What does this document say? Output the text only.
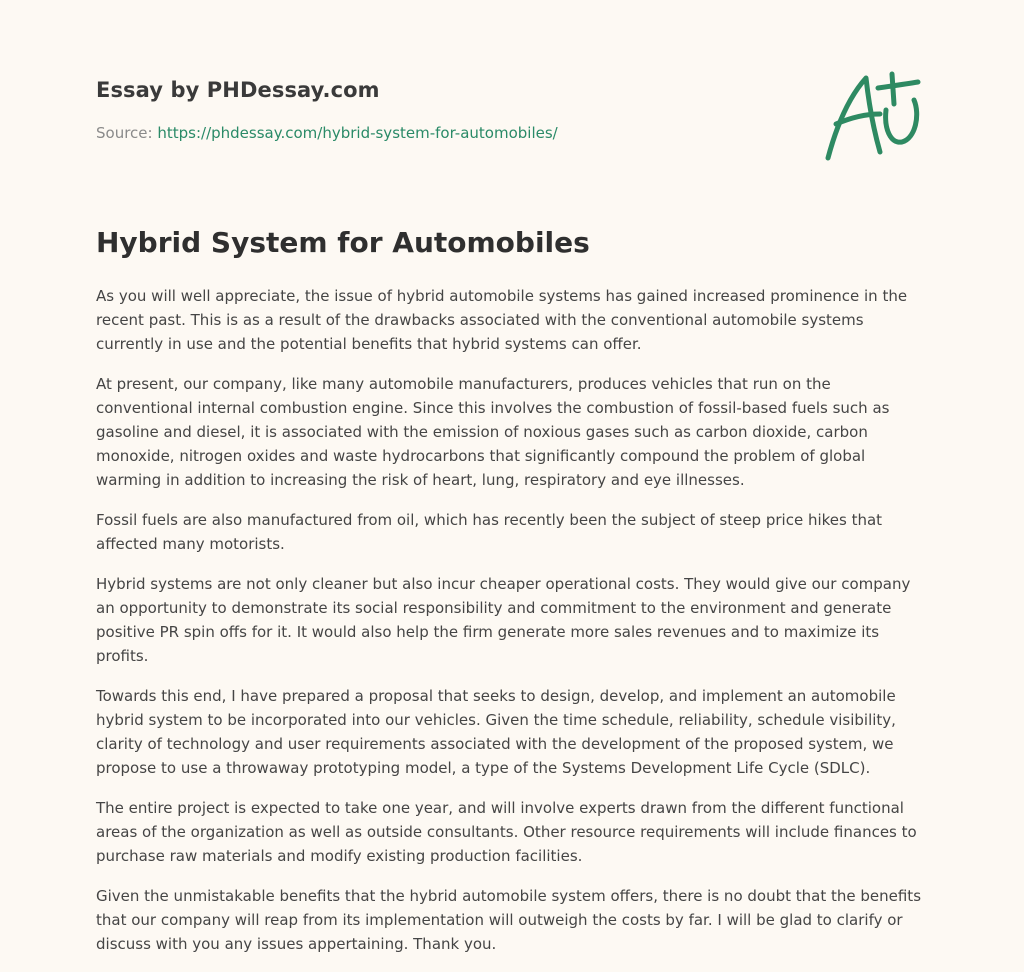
Essay by PHDessay.com
Source: https://phdessay.com/hybrid-system-for-automobiles/
Hybrid System for Automobiles

As you will well appreciate, the issue of hybrid automobile systems has gained increased prominence in the recent past. This is as a result of the drawbacks associated with the conventional automobile systems currently in use and the potential benefits that hybrid systems can offer.

At present, our company, like many automobile manufacturers, produces vehicles that run on the conventional internal combustion engine. Since this involves the combustion of fossil-based fuels such as gasoline and diesel, it is associated with the emission of noxious gases such as carbon dioxide, carbon monoxide, nitrogen oxides and waste hydrocarbons that significantly compound the problem of global warming in addition to increasing the risk of heart, lung, respiratory and eye illnesses.

Fossil fuels are also manufactured from oil, which has recently been the subject of steep price hikes that affected many motorists.

Hybrid systems are not only cleaner but also incur cheaper operational costs. They would give our company an opportunity to demonstrate its social responsibility and commitment to the environment and generate positive PR spin offs for it. It would also help the firm generate more sales revenues and to maximize its profits.

Towards this end, I have prepared a proposal that seeks to design, develop, and implement an automobile hybrid system to be incorporated into our vehicles. Given the time schedule, reliability, schedule visibility, clarity of technology and user requirements associated with the development of the proposed system, we propose to use a throwaway prototyping model, a type of the Systems Development Life Cycle (SDLC).

The entire project is expected to take one year, and will involve experts drawn from the different functional areas of the organization as well as outside consultants. Other resource requirements will include finances to purchase raw materials and modify existing production facilities.

Given the unmistakable benefits that the hybrid automobile system offers, there is no doubt that the benefits that our company will reap from its implementation will outweigh the costs by far. I will be glad to clarify or discuss with you any issues appertaining. Thank you.
